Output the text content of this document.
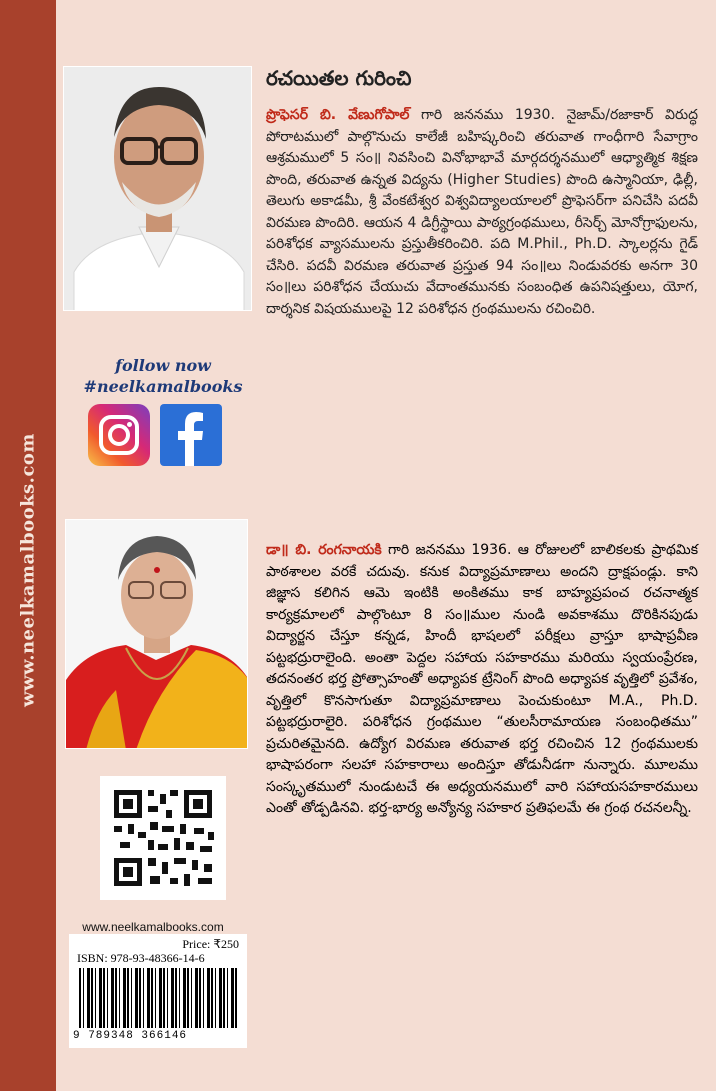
www.neelkamalbooks.com
follow now
#neelkamalbooks
www.neelkamalbooks.com
Price: ₹250
ISBN: 978-93-48366-14-6
9 789348 366146
రచయితల గురించి

ప్రొఫెసర్ బి. వేణుగోపాల్ గారి జననము 1930. నైజామ్/రజాకార్ విరుద్ధ పోరాటములో పాల్గొనుచు కాలేజీ బహిష్కరించి తరువాత గాంధీగారి సేవాగ్రాం ఆశ్రమములో 5 సం॥ నివసించి వినోభాభావే మార్గదర్శనములో ఆధ్యాత్మిక శిక్షణ పొంది, తరువాత ఉన్నత విద్యను (Higher Studies) పొంది ఉస్మానియా, ఢిల్లీ, తెలుగు అకాడమీ, శ్రీ వేంకటేశ్వర విశ్వవిద్యాలయాలలో ప్రొఫెసర్‌గా పనిచేసి పదవీ విరమణ పొందిరి. ఆయన 4 డిగ్రీస్థాయి పాఠ్యగ్రంథములు, రీసెర్చ్ మోనోగ్రాఫులను, పరిశోధక వ్యాసములను ప్రస్తుతీకరించిరి. పది M.Phil., Ph.D. స్కాలర్లను గైడ్ చేసిరి. పదవీ విరమణ తరువాత ప్రస్తుత 94 సం॥లు నిండువరకు అనగా 30 సం॥లు పరిశోధన చేయుచు వేదాంతమునకు సంబంధిత ఉపనిషత్తులు, యోగ, దార్శనిక విషయములపై 12 పరిశోధన గ్రంథములను రచించిరి.

డా॥ బి. రంగనాయకి గారి జననము 1936. ఆ రోజులలో బాలికలకు ప్రాథమిక పాఠశాలల వరకే చదువు. కనుక విద్యాప్రమాణాలు అందని ద్రాక్షపండ్లు. కాని జిజ్ఞాస కలిగిన ఆమె ఇంటికి అంకితము కాక బాహ్యప్రపంచ రచనాత్మక కార్యక్రమాలలో పాల్గొంటూ 8 సం॥ముల నుండి అవకాశము దొరికినపుడు విద్యార్జన చేస్తూ కన్నడ, హిందీ భాషలలో పరీక్షలు వ్రాస్తూ భాషాప్రవీణ పట్టభద్రురాలైంది. అంతా పెద్దల సహాయ సహకారము మరియు స్వయంప్రేరణ, తదనంతర భర్త ప్రోత్సాహంతో అధ్యాపక ట్రేనింగ్ పొంది అధ్యాపక వృత్తిలో ప్రవేశం, వృత్తిలో కొనసాగుతూ విద్యాప్రమాణాలు పెంచుకుంటూ M.A., Ph.D. పట్టభద్రురాలైరి. పరిశోధన గ్రంథముల “తులసీరామాయణ సంబంధితము” ప్రచురితమైనది. ఉద్యోగ విరమణ తరువాత భర్త రచించిన 12 గ్రంథములకు భాషాపరంగా సలహా సహకారాలు అందిస్తూ తోడునీడగా నున్నారు. మూలము సంస్కృతములో నుండుటచే ఈ అధ్యయనములో వారి సహాయసహకారములు ఎంతో తోడ్పడినవి. భర్త-భార్య అన్యోన్య సహకార ప్రతిఫలమే ఈ గ్రంథ రచనలన్నీ.
